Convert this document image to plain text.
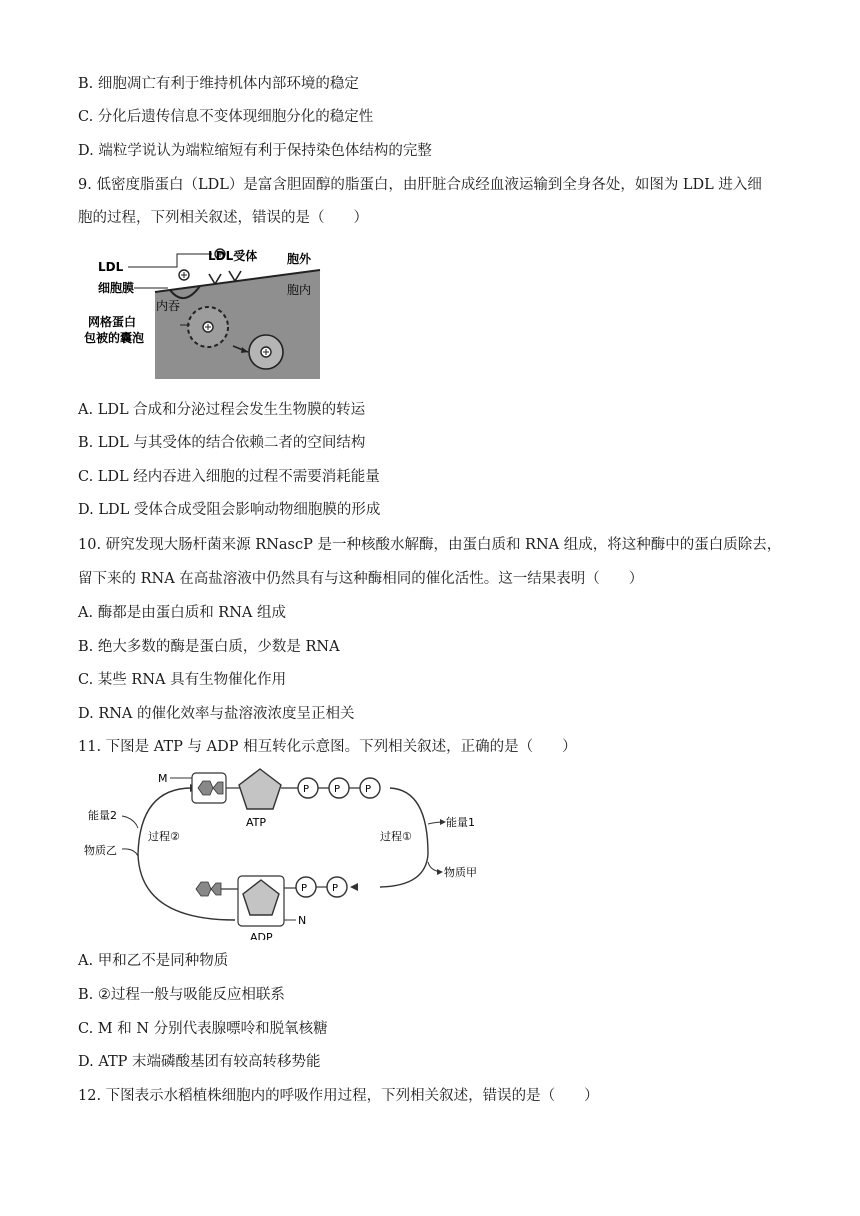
B. 细胞凋亡有利于维持机体内部环境的稳定
C. 分化后遗传信息不变体现细胞分化的稳定性
D. 端粒学说认为端粒缩短有利于保持染色体结构的完整
9. 低密度脂蛋白（LDL）是富含胆固醇的脂蛋白，由肝脏合成经血液运输到全身各处，如图为 LDL 进入细
胞的过程，下列相关叙述，错误的是（　　）
LDL
细胞膜
LDL受体 胞外
胞内
内吞
网格蛋白
包被的囊泡
A. LDL 合成和分泌过程会发生生物膜的转运
B. LDL 与其受体的结合依赖二者的空间结构
C. LDL 经内吞进入细胞的过程不需要消耗能量
D. LDL 受体合成受阻会影响动物细胞膜的形成
10. 研究发现大肠杆菌来源 RNascP 是一种核酸水解酶，由蛋白质和 RNA 组成，将这种酶中的蛋白质除去，
留下来的 RNA 在高盐溶液中仍然具有与这种酶相同的催化活性。这一结果表明（　　）
A. 酶都是由蛋白质和 RNA 组成
B. 绝大多数的酶是蛋白质，少数是 RNA
C. 某些 RNA 具有生物催化作用
D. RNA 的催化效率与盐溶液浓度呈正相关
11. 下图是 ATP 与 ADP 相互转化示意图。下列相关叙述，正确的是（　　）
P P P
P P
M
ATP
ADP
N
能量2
物质乙
过程②	过程①
能量1
物质甲
A. 甲和乙不是同种物质
B. ②过程一般与吸能反应相联系
C. M 和 N 分别代表腺嘌呤和脱氧核糖
D. ATP 末端磷酸基团有较高转移势能
12. 下图表示水稻植株细胞内的呼吸作用过程，下列相关叙述，错误的是（　　）
